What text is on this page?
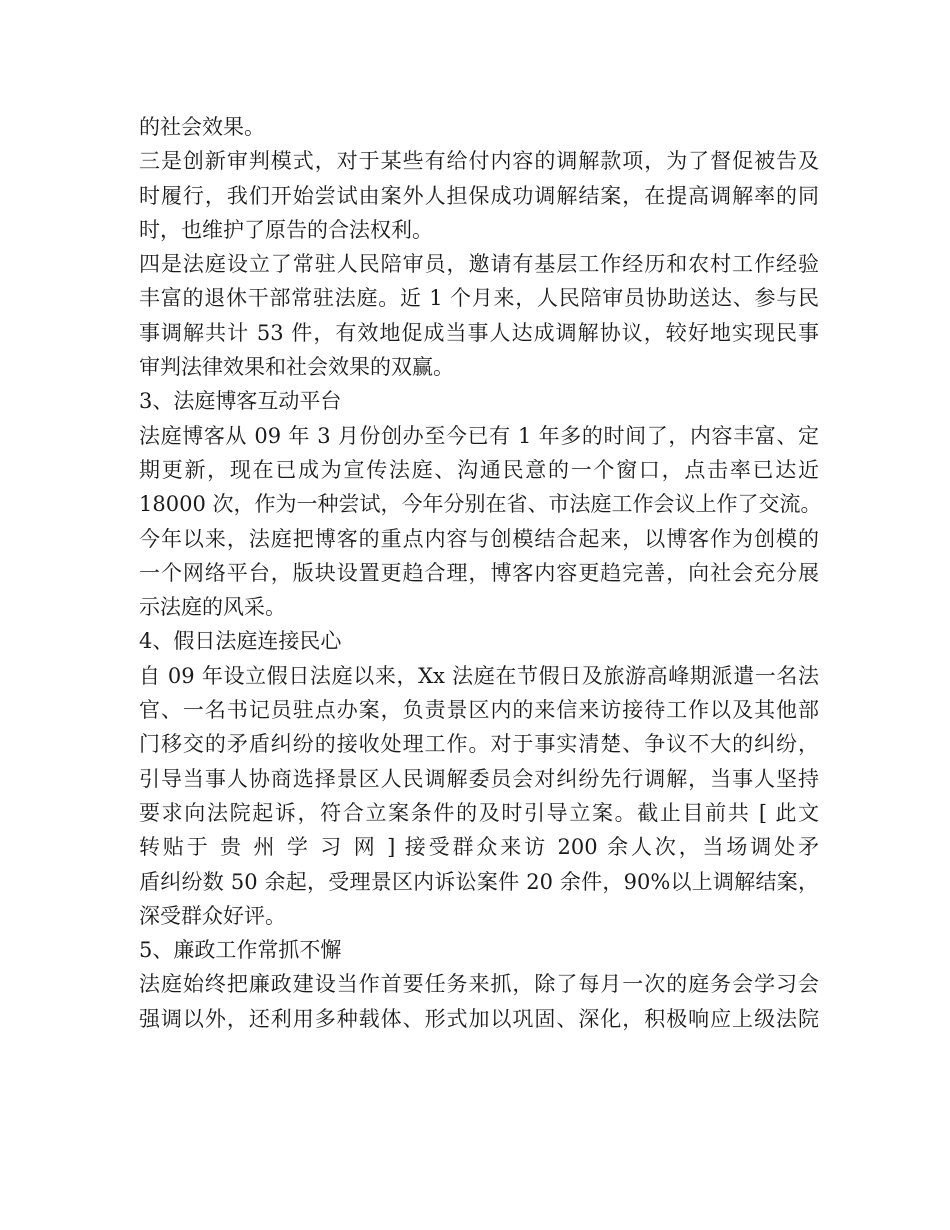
的社会效果。
三是创新审判模式，对于某些有给付内容的调解款项，为了督促被告及
时履行，我们开始尝试由案外人担保成功调解结案，在提高调解率的同
时，也维护了原告的合法权利。
四是法庭设立了常驻人民陪审员，邀请有基层工作经历和农村工作经验
丰富的退休干部常驻法庭。近 1 个月来，人民陪审员协助送达、参与民
事调解共计 53 件，有效地促成当事人达成调解协议，较好地实现民事
审判法律效果和社会效果的双赢。
3、法庭博客互动平台
法庭博客从 09 年 3 月份创办至今已有 1 年多的时间了，内容丰富、定
期更新，现在已成为宣传法庭、沟通民意的一个窗口，点击率已达近
18000 次，作为一种尝试，今年分别在省、市法庭工作会议上作了交流。
今年以来，法庭把博客的重点内容与创模结合起来，以博客作为创模的
一个网络平台，版块设置更趋合理，博客内容更趋完善，向社会充分展
示法庭的风采。
4、假日法庭连接民心
自 09 年设立假日法庭以来，Xx 法庭在节假日及旅游高峰期派遣一名法
官、一名书记员驻点办案，负责景区内的来信来访接待工作以及其他部
门移交的矛盾纠纷的接收处理工作。对于事实清楚、争议不大的纠纷，
引导当事人协商选择景区人民调解委员会对纠纷先行调解，当事人坚持
要求向法院起诉，符合立案条件的及时引导立案。截止目前共 [ 此文
转贴于 贵 州 学 习 网 ] 接受群众来访 200 余人次，当场调处矛
盾纠纷数 50 余起，受理景区内诉讼案件 20 余件，90%以上调解结案，
深受群众好评。
5、廉政工作常抓不懈
法庭始终把廉政建设当作首要任务来抓，除了每月一次的庭务会学习会
强调以外，还利用多种载体、形式加以巩固、深化，积极响应上级法院
